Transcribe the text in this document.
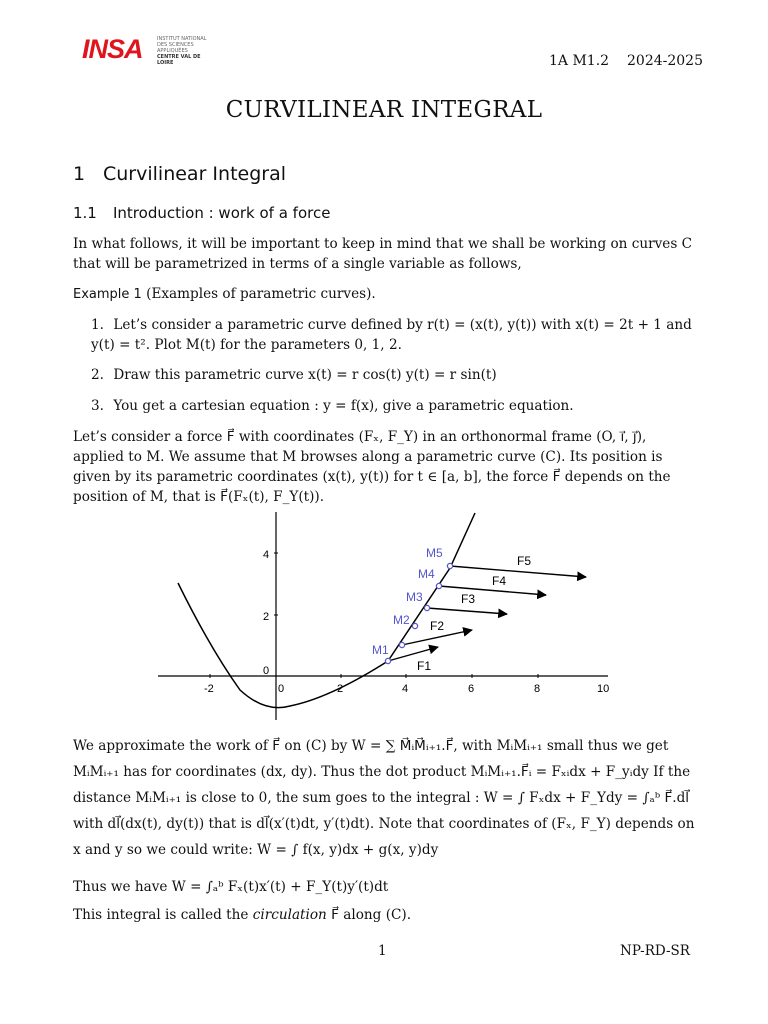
INSA	INSTITUT NATIONAL
DES SCIENCES
APPLIQUÉES
CENTRE VAL DE LOIRE	1A M1.2 2024-2025
CURVILINEAR INTEGRAL
1 Curvilinear Integral
1.1 Introduction : work of a force
In what follows, it will be important to keep in mind that we shall be working on curves C that will be parametrized in terms of a single variable as follows,
Example 1 (Examples of parametric curves).
1. Let’s consider a parametric curve defined by r(t) = (x(t), y(t)) with x(t) = 2t + 1 and y(t) = t². Plot M(t) for the parameters 0, 1, 2.
2. Draw this parametric curve x(t) = r cos(t) y(t) = r sin(t)
3. You get a cartesian equation : y = f(x), give a parametric equation.
Let’s consider a force F⃗ with coordinates (Fₓ, F_Y) in an orthonormal frame (O, i⃗, j⃗), applied to M. We assume that M browses along a parametric curve (C). Its position is given by its parametric coordinates (x(t), y(t)) for t ∈ [a, b], the force F⃗ depends on the position of M, that is F⃗(Fₓ(t), F_Y(t)).
-2	0	2	4	6	8	10
0
2
4
M1
M2
M3
M4
M5
F1
F2
F3
F4
F5
We approximate the work of F⃗ on (C) by W = ∑ M⃗ᵢM⃗ᵢ₊₁.F⃗, with MᵢMᵢ₊₁ small thus we get MᵢMᵢ₊₁ has for coordinates (dx, dy). Thus the dot product MᵢMᵢ₊₁.F⃗ᵢ = Fₓᵢdx + F_yᵢdy If the distance MᵢMᵢ₊₁ is close to 0, the sum goes to the integral : W = ∫ Fₓdx + F_Ydy = ∫ₐᵇ F⃗.dl⃗ with dl⃗(dx(t), dy(t)) that is dl⃗(x′(t)dt, y′(t)dt). Note that coordinates of (Fₓ, F_Y) depends on x and y so we could write: W = ∫ f(x, y)dx + g(x, y)dy
Thus we have W = ∫ₐᵇ Fₓ(t)x′(t) + F_Y(t)y′(t)dt
This integral is called the circulation F⃗ along (C).
1	NP-RD-SR
